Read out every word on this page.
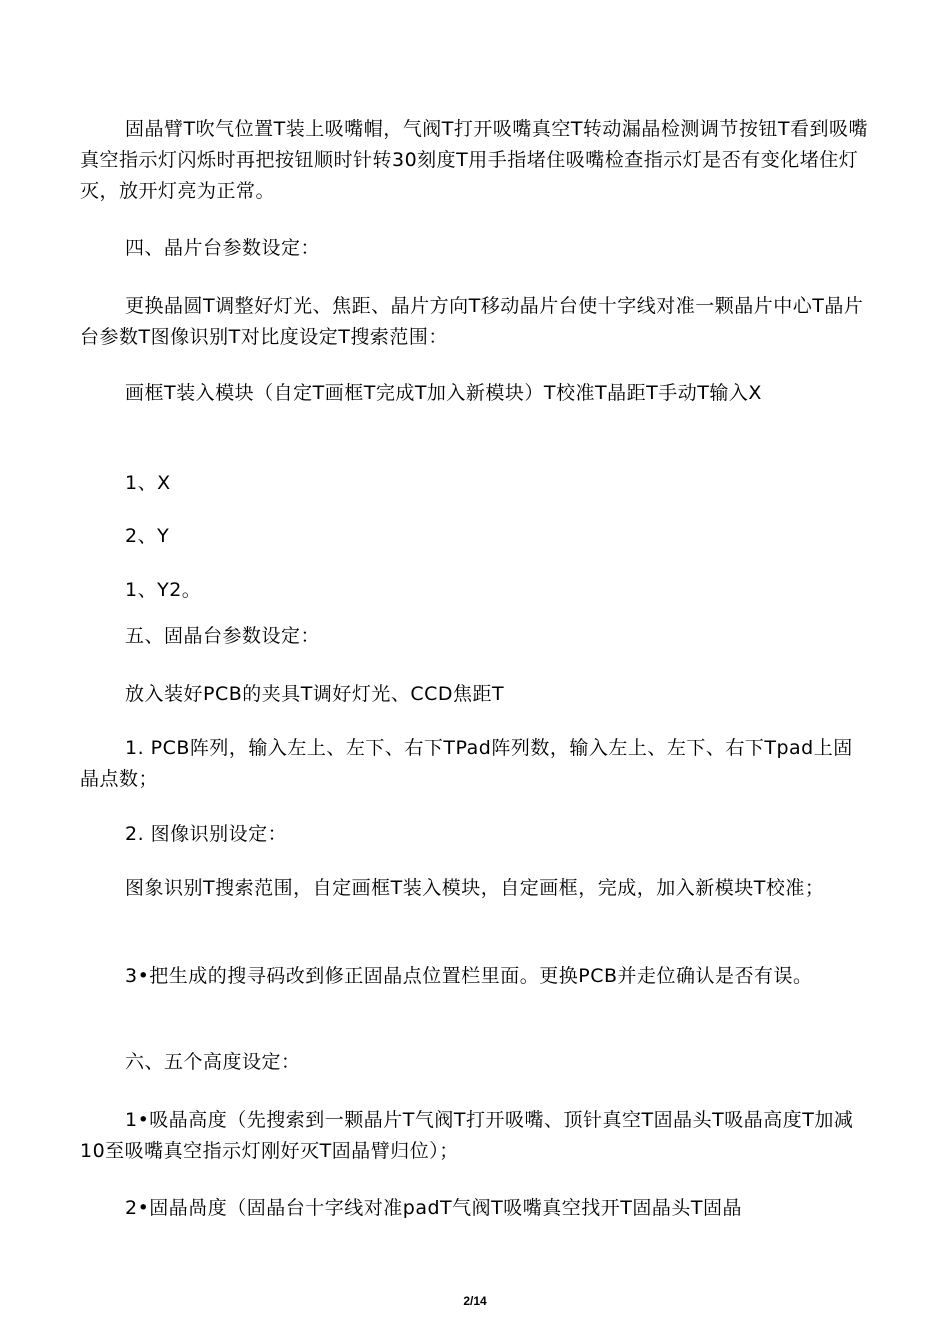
固晶臂T吹气位置T装上吸嘴帽，气阀T打开吸嘴真空T转动漏晶检测调节按钮T看到吸嘴真空指示灯闪烁时再把按钮顺时针转30刻度T用手指堵住吸嘴检查指示灯是否有变化堵住灯灭，放开灯亮为正常。

四、晶片台参数设定：

更换晶圆T调整好灯光、焦距、晶片方向T移动晶片台使十字线对准一颗晶片中心T晶片台参数T图像识别T对比度设定T搜索范围：

画框T装入模块（自定T画框T完成T加入新模块）T校准T晶距T手动T输入X

1、X

2、Y

1、Y2。

五、固晶台参数设定：

放入装好PCB的夹具T调好灯光、CCD焦距T

1. PCB阵列，输入左上、左下、右下TPad阵列数，输入左上、左下、右下Tpad上固晶点数；

2. 图像识别设定：

图象识别T搜索范围，自定画框T装入模块，自定画框，完成，加入新模块T校准；

3•把生成的搜寻码改到修正固晶点位置栏里面。更换PCB并走位确认是否有误。

六、五个高度设定：

1•吸晶高度（先搜索到一颗晶片T气阀T打开吸嘴、顶针真空T固晶头T吸晶高度T加减10至吸嘴真空指示灯刚好灭T固晶臂归位）；

2•固晶咼度（固晶台十字线对准padT气阀T吸嘴真空找开T固晶头T固晶

2/14
